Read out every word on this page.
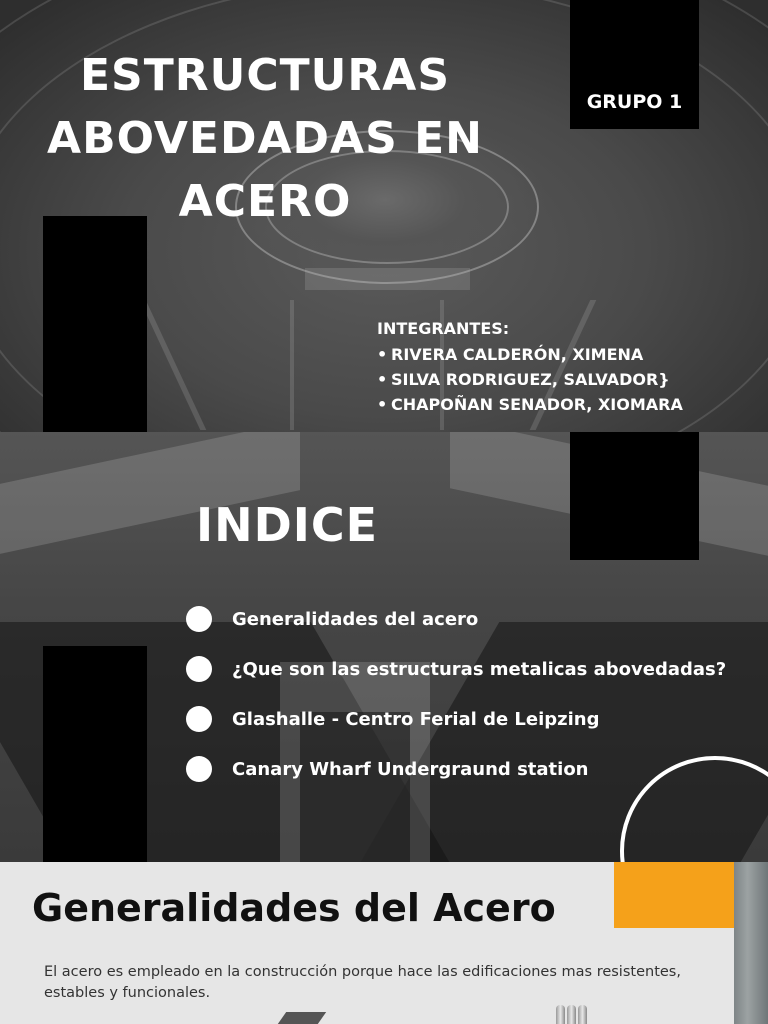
ESTRUCTURAS
ABOVEDADAS EN
ACERO
GRUPO 1
INTEGRANTES:
• RIVERA CALDERÓN, XIMENA
• SILVA RODRIGUEZ, SALVADOR}
• CHAPOÑAN SENADOR, XIOMARA
INDICE
Generalidades del acero
¿Que son las estructuras metalicas abovedadas?
Glashalle - Centro Ferial de Leipzing
Canary Wharf Undergraund station
Generalidades del Acero
El acero es empleado en la construcción porque hace las edificaciones mas resistentes, estables y funcionales.
